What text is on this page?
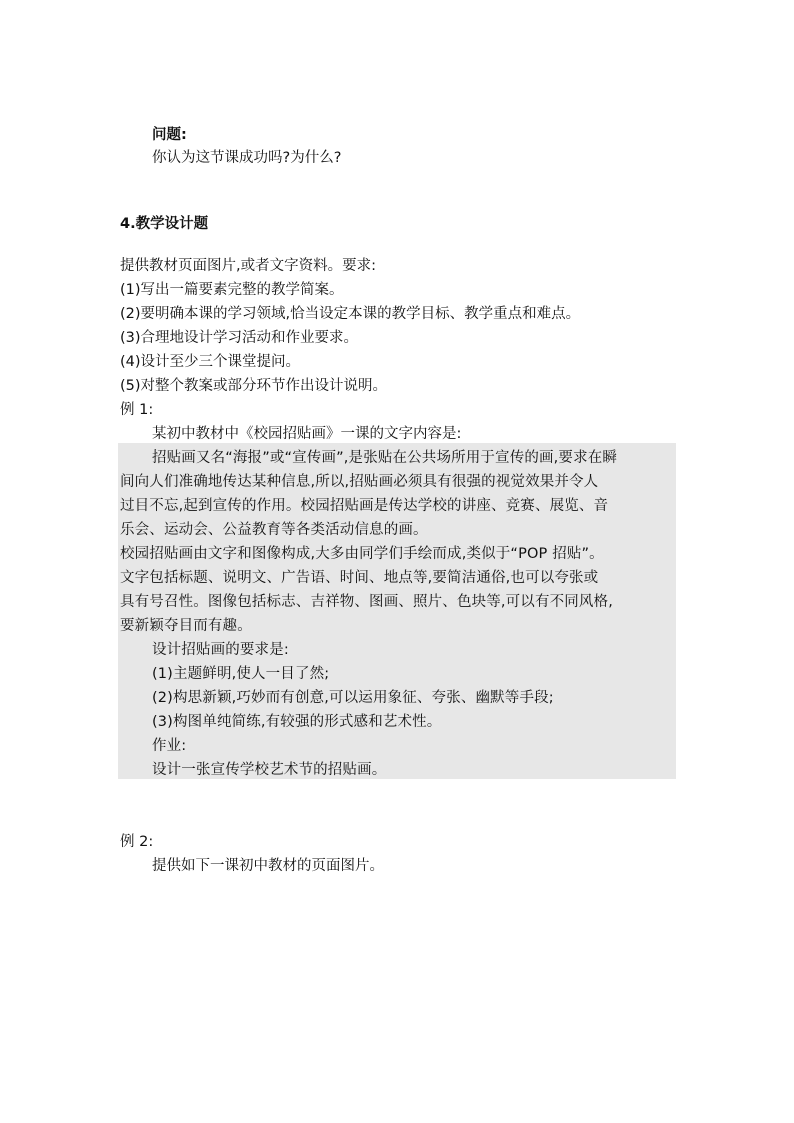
问题:

你认为这节课成功吗?为什么?

4.教学设计题

提供教材页面图片,或者文字资料。要求:

(1)写出一篇要素完整的教学简案。

(2)要明确本课的学习领域,恰当设定本课的教学目标、教学重点和难点。

(3)合理地设计学习活动和作业要求。

(4)设计至少三个课堂提问。

(5)对整个教案或部分环节作出设计说明。

例 1:

某初中教材中《校园招贴画》一课的文字内容是:

招贴画又名“海报”或“宣传画”,是张贴在公共场所用于宣传的画,要求在瞬

间向人们准确地传达某种信息,所以,招贴画必须具有很强的视觉效果并令人

过目不忘,起到宣传的作用。校园招贴画是传达学校的讲座、竞赛、展览、音

乐会、运动会、公益教育等各类活动信息的画。

校园招贴画由文字和图像构成,大多由同学们手绘而成,类似于“POP 招贴”。

文字包括标题、说明文、广告语、时间、地点等,要简洁通俗,也可以夸张或

具有号召性。图像包括标志、吉祥物、图画、照片、色块等,可以有不同风格,

要新颖夺目而有趣。

设计招贴画的要求是:

(1)主题鲜明,使人一目了然;

(2)构思新颖,巧妙而有创意,可以运用象征、夸张、幽默等手段;

(3)构图单纯简练,有较强的形式感和艺术性。

作业:

设计一张宣传学校艺术节的招贴画。

例 2:

提供如下一课初中教材的页面图片。
